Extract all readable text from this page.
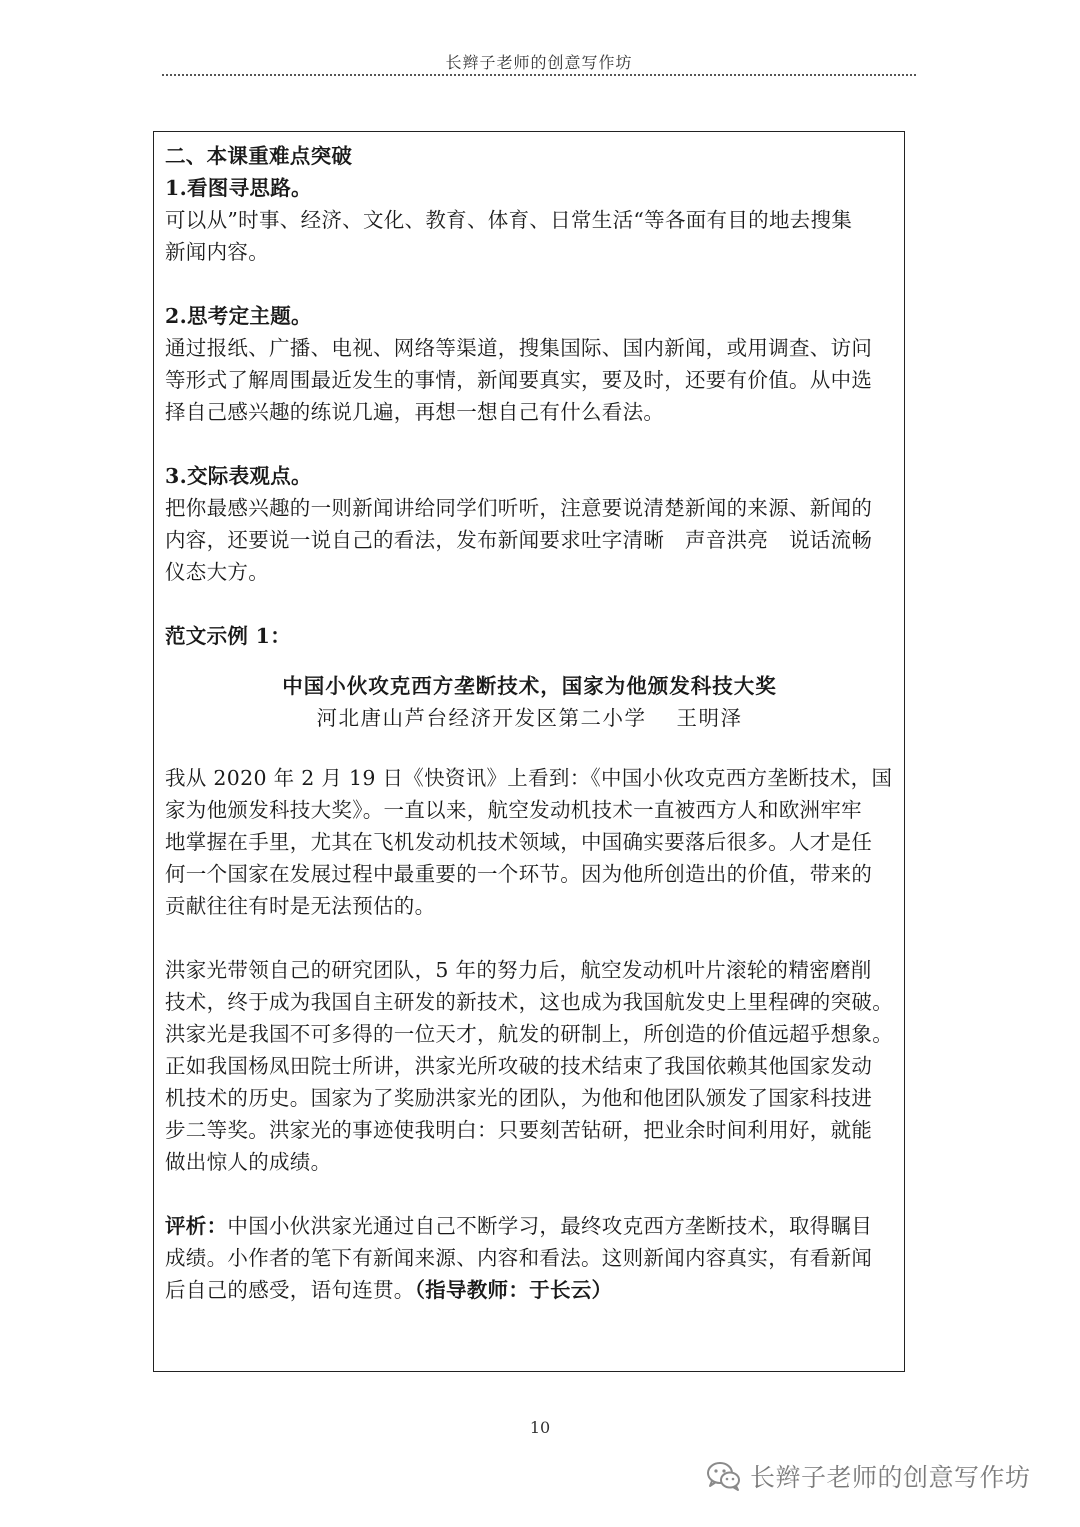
长辫子老师的创意写作坊
二、本课重难点突破
1.看图寻思路。
可以从”时事、经济、文化、教育、体育、日常生活“等各面有目的地去搜集
新闻内容。
2.思考定主题。
通过报纸、广播、电视、网络等渠道，搜集国际、国内新闻，或用调查、访问
等形式了解周围最近发生的事情，新闻要真实，要及时，还要有价值。从中选
择自己感兴趣的练说几遍，再想一想自己有什么看法。
3.交际表观点。
把你最感兴趣的一则新闻讲给同学们听听，注意要说清楚新闻的来源、新闻的
内容，还要说一说自己的看法，发布新闻要求吐字清晰　声音洪亮　说话流畅
仪态大方。
范文示例 1：
中国小伙攻克西方垄断技术，国家为他颁发科技大奖
河北唐山芦台经济开发区第二小学　 王明泽
我从 2020 年 2 月 19 日《快资讯》上看到：《中国小伙攻克西方垄断技术，国
家为他颁发科技大奖》。一直以来，航空发动机技术一直被西方人和欧洲牢牢
地掌握在手里，尤其在飞机发动机技术领域，中国确实要落后很多。人才是任
何一个国家在发展过程中最重要的一个环节。因为他所创造出的价值，带来的
贡献往往有时是无法预估的。
洪家光带领自己的研究团队，5 年的努力后，航空发动机叶片滚轮的精密磨削
技术，终于成为我国自主研发的新技术，这也成为我国航发史上里程碑的突破。
洪家光是我国不可多得的一位天才，航发的研制上，所创造的价值远超乎想象。
正如我国杨凤田院士所讲，洪家光所攻破的技术结束了我国依赖其他国家发动
机技术的历史。国家为了奖励洪家光的团队，为他和他团队颁发了国家科技进
步二等奖。洪家光的事迹使我明白：只要刻苦钻研，把业余时间利用好，就能
做出惊人的成绩。
评析：中国小伙洪家光通过自己不断学习，最终攻克西方垄断技术，取得瞩目
成绩。小作者的笔下有新闻来源、内容和看法。这则新闻内容真实，有看新闻
后自己的感受，语句连贯。（指导教师：于长云）
10
长辫子老师的创意写作坊
